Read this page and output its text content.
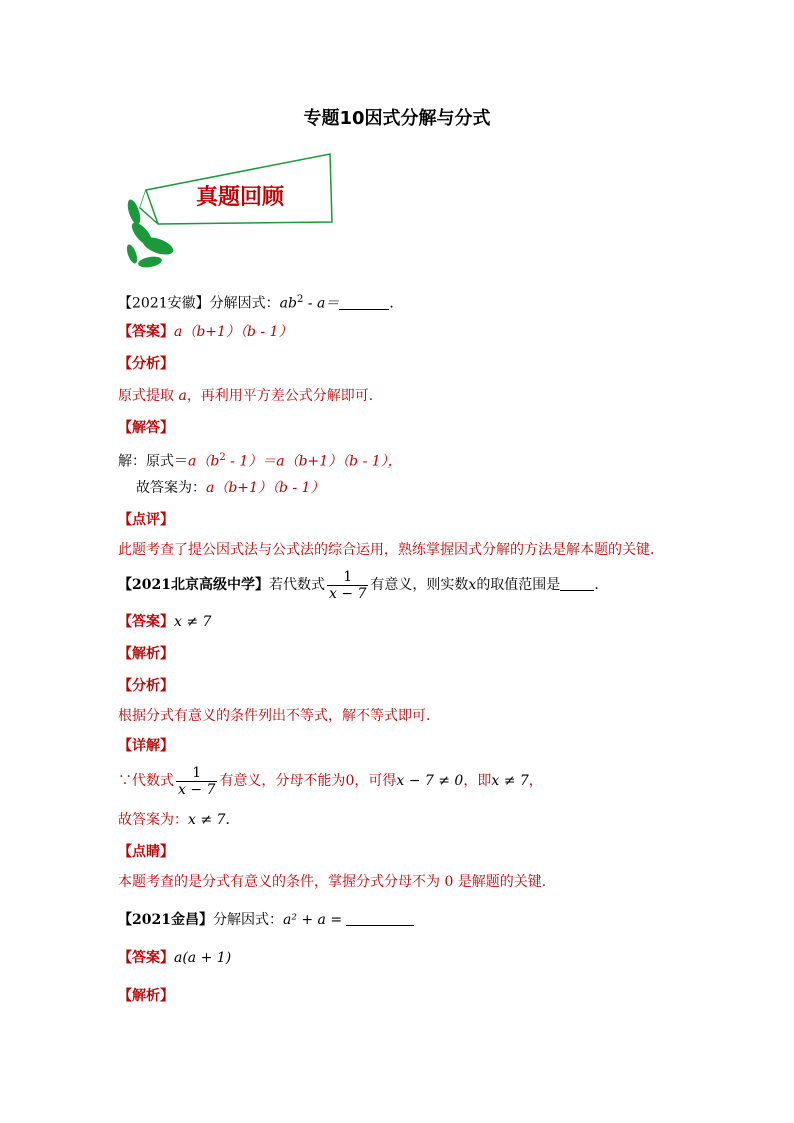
专题10因式分解与分式
真题回顾
【2021安徽】分解因式：$ab^2 - a=$	．
【答案】a（b+1）（b - 1）
【分析】
原式提取 a，再利用平方差公式分解即可．
【解答】
解：原式$=a(b^2 - 1)=a(b+1)(b - 1)$，
故答案为：a（b+1）（b - 1）
【点评】
此题考查了提公因式法与公式法的综合运用，熟练掌握因式分解的方法是解本题的关键．
【2021北京高级中学】若代数式 $\frac{1}{x - 7}$ 有意义，则实数x的取值范围是 ．
【答案】x ≠ 7
【解析】
【分析】
根据分式有意义的条件列出不等式，解不等式即可．
【详解】
∵代数式 $\frac{1}{x - 7}$ 有意义，分母不能为0，可得x − 7 ≠ 0，即x ≠ 7，
故答案为：x ≠ 7．
【点睛】
本题考查的是分式有意义的条件，掌握分式分母不为 0 是解题的关键．
【2021金昌】分解因式：a² + a =
【答案】a(a + 1)
【解析】
